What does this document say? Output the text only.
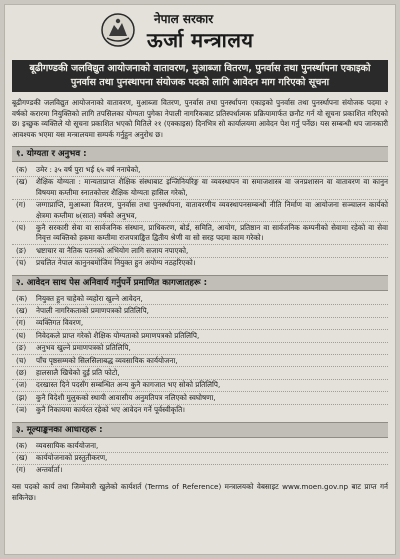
नेपाल सरकार
ऊर्जा मन्त्रालय
बूढीगण्डकी जलविद्युत आयोजनाको वातावरण, मुआब्जा वितरण, पुनर्वास तथा पुनर्स्थापना एकाइको पुनर्वास तथा पुनस्थापना संयोजक पदको लागि आवेदन माग गरिएको सूचना
बूढीगण्डकी जलविद्युत आयोजनाको वातावरण, मुआब्जा वितरण, पुनर्वास तथा पुनर्स्थापना एकाइको पुनर्वास तथा पुनर्स्थापना संयोजक पदमा २ वर्षको करारमा नियुक्तिको लागि तपसिलका योग्यता पुगेका नेपाली नागरिकबाट प्रतिस्पर्धात्मक प्रक्रियामार्फत छनौट गर्न यो सूचना प्रकाशित गरिएको छ। इच्छुक व्यक्तिले यो सूचना प्रकाशित भएको मितिले २१ (एक्काइस) दिनभित्र सो कार्यालयमा आवेदन पेश गर्नु पर्नेछ। यस सम्बन्धी थप जानकारी आवश्यक भएमा यस मन्त्रालयमा सम्पर्क गर्नुहुन अनुरोध छ।
१. योग्यता र अनुभव :
(क)	उमेर : ३५ वर्ष पुरा भई ६५ वर्ष ननाघेको,
(ख)	शैक्षिक योग्यता : मान्यताप्राप्त शैक्षिक संस्थाबाट इन्जिनियरिङ्ग वा व्यवस्थापन वा समाजशास्त्र वा जनप्रशासन वा वातावरण वा कानुन विषयमा कम्तीमा स्नातकोत्तर शैक्षिक योग्यता हासिल गरेको,
(ग)	जग्गाप्राप्ति, मुआब्जा वितरण, पुनर्वास तथा पुनर्स्थापना, वातावरणीय व्यवस्थापनसम्बन्धी नीति निर्माण वा आयोजना सञ्चालन कार्यको क्षेत्रमा कम्तीमा ७(सात) वर्षको अनुभव,
(घ)	कुनै सरकारी सेवा वा सार्वजनिक संस्थान, प्राधिकरण, बोर्ड, समिति, आयोग, प्रतिष्ठान वा सार्वजनिक कम्पनीको सेवामा रहेको वा सेवा निवृत्त व्यक्तिको हकमा कम्तीमा राजपत्राङ्कित द्वितीय श्रेणी वा सो सरह पदमा काम गरेको।
(ङ)	भ्रष्टाचार वा नैतिक पतनको अभियोग लागि सजाय नपाएको,
(च)	प्रचलित नेपाल कानुनबमोजिम नियुक्त हुन अयोग्य नठहरिएको।
२. आवेदन साथ पेस अनिवार्य गर्नुपर्ने प्रमाणित कागजातहरू :
(क)	नियुक्त हुन चाहेको व्यहोरा खुल्ने आवेदन,
(ख)	नेपाली नागरिकताको प्रमाणपत्रको प्रतिलिपि,
(ग)	व्यक्तिगत विवरण,
(घ)	निवेदकले प्राप्त गरेको शैक्षिक योग्यताको प्रमाणपत्रको प्रतिलिपि,
(ङ)	अनुभव खुल्ने प्रमाणपत्रको प्रतिलिपि,
(च)	पाँच पृष्ठसम्मको सिलसिलाबद्ध व्यवसायिक कार्ययोजना,
(छ)	हालसालै खिचेको दुई प्रति फोटो,
(ज)	दरखास्त दिने पदसँग सम्बन्धित अन्य कुनै कागजात भए सोको प्रतिलिपि,
(झ)	कुनै विदेशी मुलुकको स्थायी आवासीय अनुमतिपत्र नलिएको स्वघोषणा,
(ञ)	कुनै निकायमा कार्यरत रहेको भए आवेदन गर्ने पूर्वस्वीकृति।
३. मूल्याङ्कनका आधारहरू :
(क)	व्यवसायिक कार्ययोजना,
(ख)	कार्ययोजनाको प्रस्तुतीकरण,
(ग)	अन्तर्वार्ता।
यस पदको कार्य तथा जिम्मेवारी खुलेको कार्यशर्त (Terms of Reference) मन्त्रालयको वेबसाइट www.moen.gov.np बाट प्राप्त गर्न सकिनेछ।
